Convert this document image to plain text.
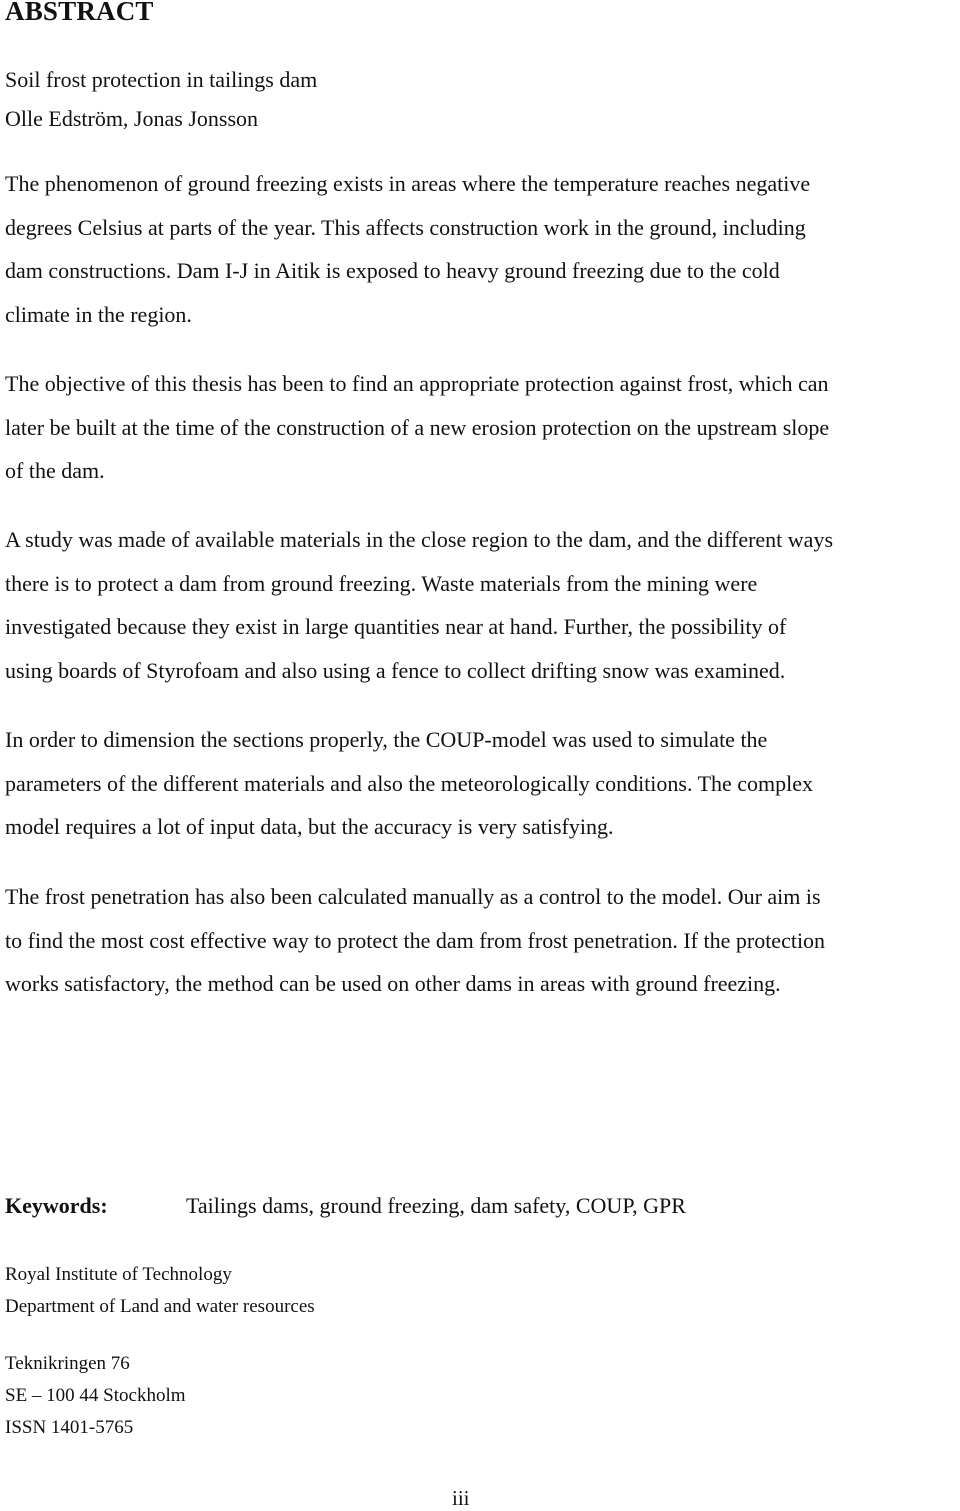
ABSTRACT

Soil frost protection in tailings dam

Olle Edström, Jonas Jonsson

The phenomenon of ground freezing exists in areas where the temperature reaches negative
degrees Celsius at parts of the year. This affects construction work in the ground, including
dam constructions. Dam I-J in Aitik is exposed to heavy ground freezing due to the cold
climate in the region.
The objective of this thesis has been to find an appropriate protection against frost, which can
later be built at the time of the construction of a new erosion protection on the upstream slope
of the dam.
A study was made of available materials in the close region to the dam, and the different ways
there is to protect a dam from ground freezing. Waste materials from the mining were
investigated because they exist in large quantities near at hand. Further, the possibility of
using boards of Styrofoam and also using a fence to collect drifting snow was examined.
In order to dimension the sections properly, the COUP-model was used to simulate the
parameters of the different materials and also the meteorologically conditions. The complex
model requires a lot of input data, but the accuracy is very satisfying.
The frost penetration has also been calculated manually as a control to the model. Our aim is
to find the most cost effective way to protect the dam from frost penetration. If the protection
works satisfactory, the method can be used on other dams in areas with ground freezing.
Keywords:	Tailings dams, ground freezing, dam safety, COUP, GPR
Royal Institute of Technology
Department of Land and water resources
Teknikringen 76
SE – 100 44 Stockholm
ISSN 1401-5765
iii
